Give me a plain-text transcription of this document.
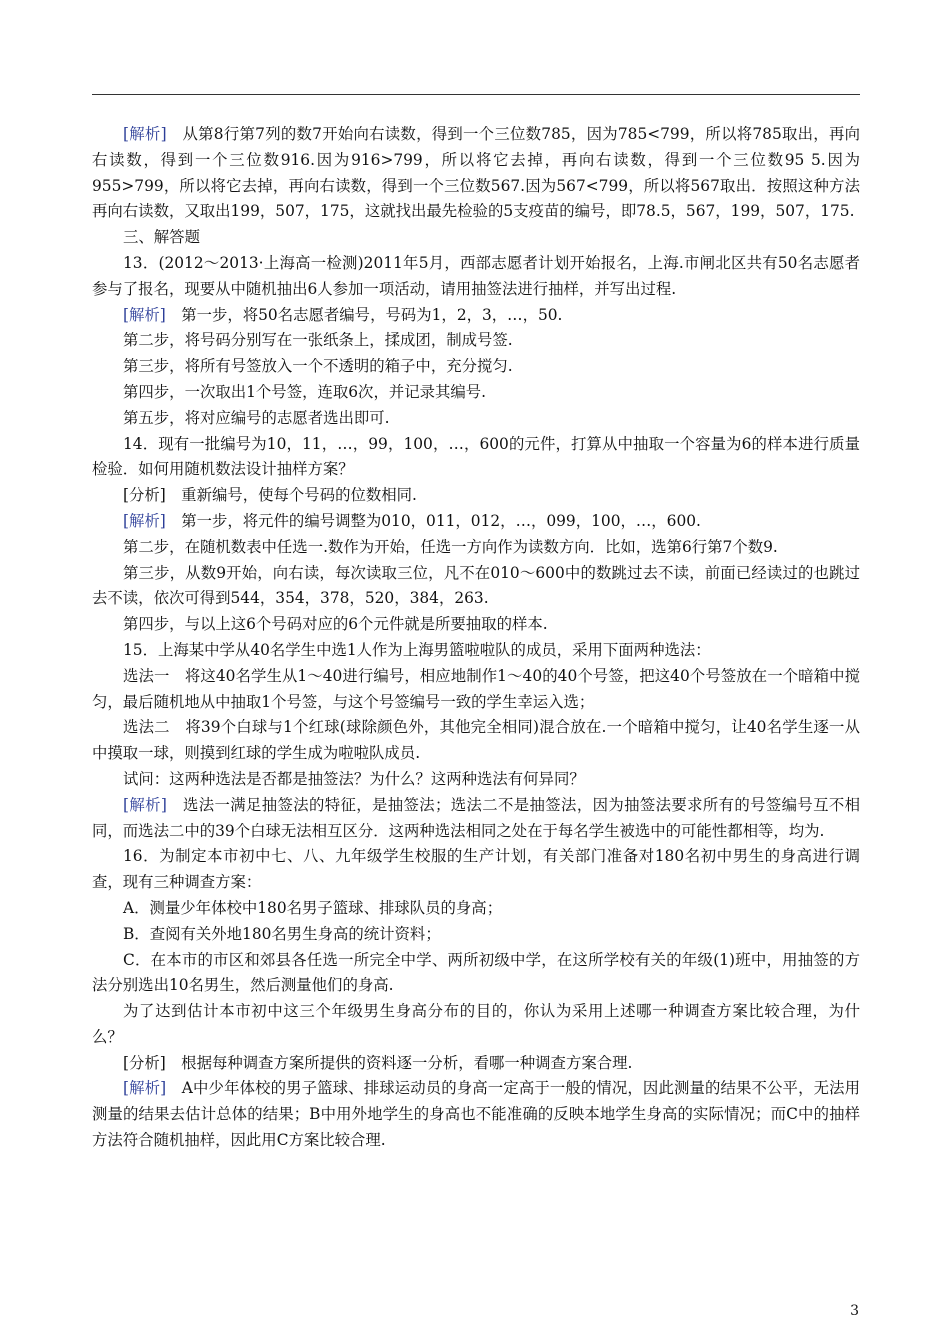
[解析]　从第8行第7列的数7开始向右读数，得到一个三位数785，因为785<799，所以将785取出，再向右读数，得到一个三位数916.因为916>799，所以将它去掉，再向右读数，得到一个三位数95 5.因为955>799，所以将它去掉，再向右读数，得到一个三位数567.因为567<799，所以将567取出．按照这种方法再向右读数，又取出199，507，175，这就找出最先检验的5支疫苗的编号，即78.5，567，199，507，175.

三、解答题

13．(2012～2013·上海高一检测)2011年5月，西部志愿者计划开始报名，上海.市闸北区共有50名志愿者参与了报名，现要从中随机抽出6人参加一项活动，请用抽签法进行抽样，并写出过程.

[解析]　第一步，将50名志愿者编号，号码为1，2，3，…，50.

第二步，将号码分别写在一张纸条上，揉成团，制成号签.

第三步，将所有号签放入一个不透明的箱子中，充分搅匀.

第四步，一次取出1个号签，连取6次，并记录其编号.

第五步，将对应编号的志愿者选出即可.

14．现有一批编号为10，11，…，99，100，…，600的元件，打算从中抽取一个容量为6的样本进行质量检验．如何用随机数法设计抽样方案？

[分析]　重新编号，使每个号码的位数相同.

[解析]　第一步，将元件的编号调整为010，011，012，…，099，100，…，600.

第二步，在随机数表中任选一.数作为开始，任选一方向作为读数方向．比如，选第6行第7个数9.

第三步，从数9开始，向右读，每次读取三位，凡不在010～600中的数跳过去不读，前面已经读过的也跳过去不读，依次可得到544，354，378，520，384，263.

第四步，与以上这6个号码对应的6个元件就是所要抽取的样本.

15．上海某中学从40名学生中选1人作为上海男篮啦啦队的成员，采用下面两种选法：

选法一　将这40名学生从1～40进行编号，相应地制作1～40的40个号签，把这40个号签放在一个暗箱中搅匀，最后随机地从中抽取1个号签，与这个号签编号一致的学生幸运入选；

选法二　将39个白球与1个红球(球除颜色外，其他完全相同)混合放在.一个暗箱中搅匀，让40名学生逐一从中摸取一球，则摸到红球的学生成为啦啦队成员.

试问：这两种选法是否都是抽签法？为什么？这两种选法有何异同？

[解析]　选法一满足抽签法的特征，是抽签法；选法二不是抽签法，因为抽签法要求所有的号签编号互不相同，而选法二中的39个白球无法相互区分．这两种选法相同之处在于每名学生被选中的可能性都相等，均为.

16．为制定本市初中七、八、九年级学生校服的生产计划，有关部门准备对180名初中男生的身高进行调查，现有三种调查方案：

A．测量少年体校中180名男子篮球、排球队员的身高；

B．查阅有关外地180名男生身高的统计资料；

C．在本市的市区和郊县各任选一所完全中学、两所初级中学，在这所学校有关的年级(1)班中，用抽签的方法分别选出10名男生，然后测量他们的身高.

为了达到估计本市初中这三个年级男生身高分布的目的，你认为采用上述哪一种调查方案比较合理，为什么？

[分析]　根据每种调查方案所提供的资料逐一分析，看哪一种调查方案合理.

[解析]　A中少年体校的男子篮球、排球运动员的身高一定高于一般的情况，因此测量的结果不公平，无法用测量的结果去估计总体的结果；B中用外地学生的身高也不能准确的反映本地学生身高的实际情况；而C中的抽样方法符合随机抽样，因此用C方案比较合理.

3
